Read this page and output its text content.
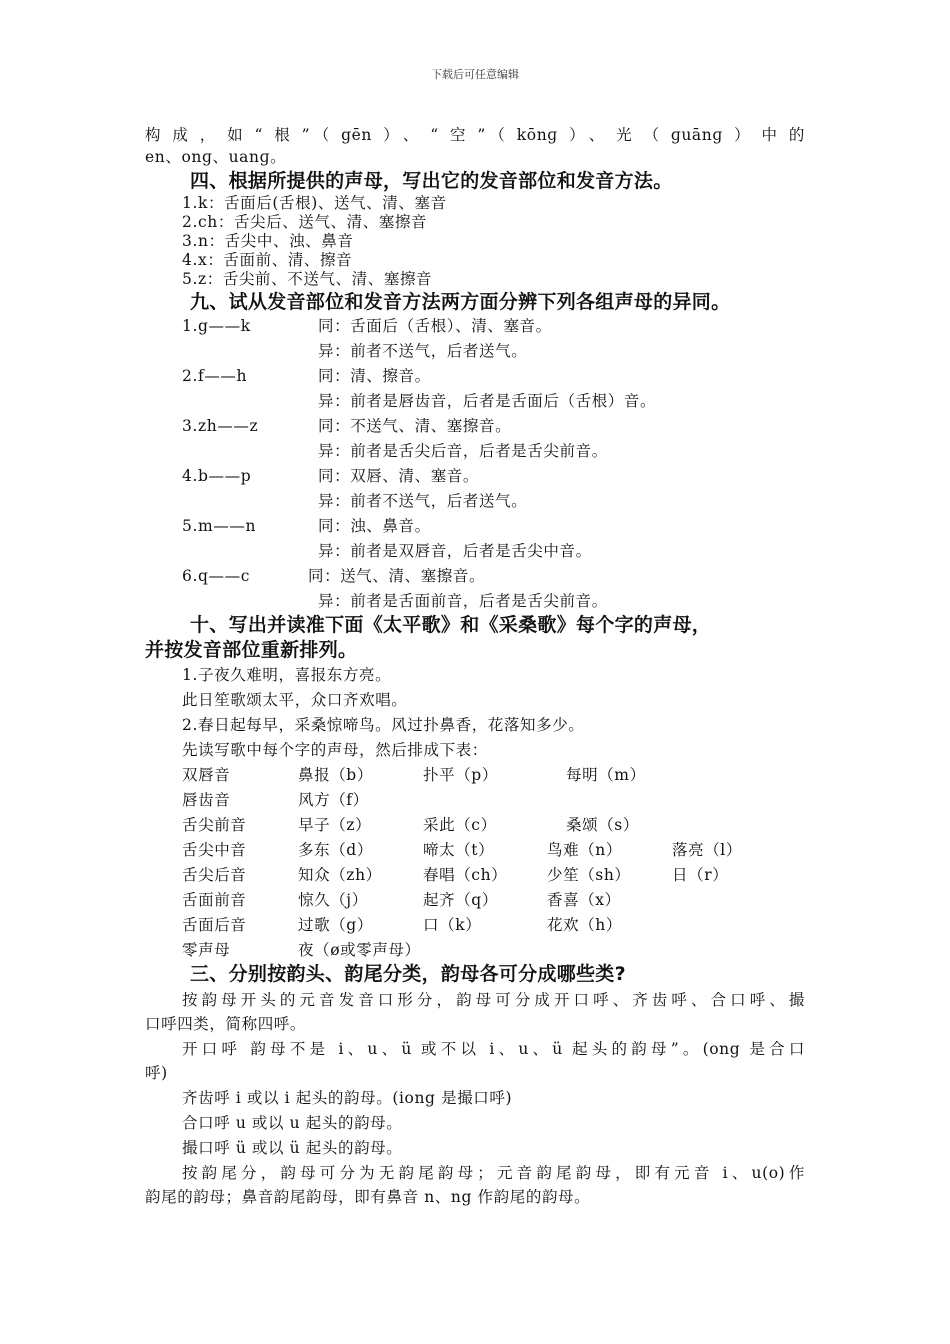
下载后可任意编辑
构成，如“根”（gēn）、“空”（kōnɡ）、光（ɡuānɡ）中的
en、onɡ、uanɡ。
四、根据所提供的声母，写出它的发音部位和发音方法。
1.k：舌面后(舌根)、送气、清、塞音
2.ch：舌尖后、送气、清、塞擦音
3.n：舌尖中、浊、鼻音
4.x：舌面前、清、擦音
5.z：舌尖前、不送气、清、塞擦音
九、试从发音部位和发音方法两方面分辨下列各组声母的异同。
1.g——k	同：舌面后（舌根）、清、塞音。
异：前者不送气，后者送气。
2.f——h	同：清、擦音。
异：前者是唇齿音，后者是舌面后（舌根）音。
3.zh——z	同：不送气、清、塞擦音。
异：前者是舌尖后音，后者是舌尖前音。
4.b——p	同：双唇、清、塞音。
异：前者不送气，后者送气。
5.m——n	同：浊、鼻音。
异：前者是双唇音，后者是舌尖中音。
6.q——c	同：送气、清、塞擦音。
异：前者是舌面前音，后者是舌尖前音。
十、写出并读准下面《太平歌》和《采桑歌》每个字的声母，
并按发音部位重新排列。
1.子夜久难明，喜报东方亮。
此日笙歌颂太平，众口齐欢唱。
2.春日起每早，采桑惊啼鸟。风过扑鼻香，花落知多少。
先读写歌中每个字的声母，然后排成下表：
双唇音	鼻报（b）	扑平（p）	每明（m）
唇齿音	风方（f）
舌尖前音	早子（z）	采此（c）	桑颂（s）
舌尖中音	多东（d）	啼太（t）	鸟难（n）	落亮（l）
舌尖后音	知众（zh）	春唱（ch）	少笙（sh）	日（r）
舌面前音	惊久（j）	起齐（q）	香喜（x）
舌面后音	过歌（g）	口（k）	花欢（h）
零声母	夜（ø或零声母）
三、分别按韵头、韵尾分类，韵母各可分成哪些类?
按韵母开头的元音发音口形分，韵母可分成开口呼、齐齿呼、合口呼、撮
口呼四类，简称四呼。
开口呼 韵母不是 i、u、ü 或不以 i、u、ü 起头的韵母”。(ong 是合口
呼)
齐齿呼 i 或以 i 起头的韵母。(iong 是撮口呼)
合口呼 u 或以 u 起头的韵母。
撮口呼 ü 或以 ü 起头的韵母。
按韵尾分，韵母可分为无韵尾韵母；元音韵尾韵母，即有元音 i、u(o)作
韵尾的韵母；鼻音韵尾韵母，即有鼻音 n、ng 作韵尾的韵母。
